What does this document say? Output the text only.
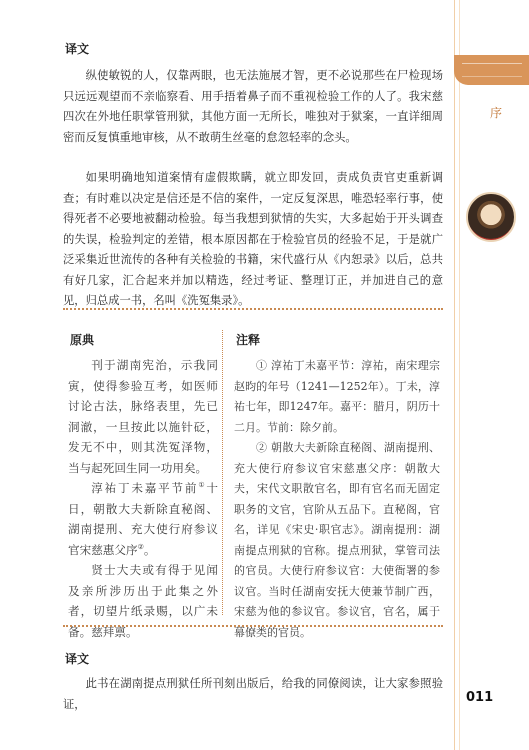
序
011
译文

纵使敏锐的人，仅靠两眼，也无法施展才智，更不必说那些在尸检现场只远远观望而不亲临察看、用手捂着鼻子而不重视检验工作的人了。我宋慈四次在外地任职掌管刑狱，其他方面一无所长，唯独对于狱案，一直详细周密而反复慎重地审核，从不敢萌生丝毫的怠忽轻率的念头。

如果明确地知道案情有虚假欺瞒，就立即发回，责成负责官吏重新调查；有时难以决定是信还是不信的案件，一定反复深思，唯恐轻率行事，使得死者不必要地被翻动检验。每当我想到狱情的失实，大多起始于开头调查的失误，检验判定的差错，根本原因都在于检验官员的经验不足，于是就广泛采集近世流传的各种有关检验的书籍，宋代盛行从《内恕录》以后，总共有好几家，汇合起来并加以精选，经过考证、整理订正，并加进自己的意见，归总成一书，名叫《洗冤集录》。

原典

刊于湖南宪治，示我同寅，使得参验互考，如医师讨论古法，脉络表里，先已洞澈，一旦按此以施针砭，发无不中，则其洗冤泽物，当与起死回生同一功用矣。

淳祐丁未嘉平节前①十日，朝散大夫新除直秘阁、湖南提刑、充大使行府参议官宋慈惠父序②。

贤士大夫或有得于见闻及亲所涉历出于此集之外者，切望片纸录赐，以广未备。慈拜禀。

注释

① 淳祐丁未嘉平节：淳祐，南宋理宗赵昀的年号（1241—1252年）。丁未，淳祐七年，即1247年。嘉平：腊月，阴历十二月。节前：除夕前。

② 朝散大夫新除直秘阁、湖南提刑、充大使行府参议官宋慈惠父序：朝散大夫，宋代文职散官名，即有官名而无固定职务的文官，官阶从五品下。直秘阁，官名，详见《宋史·职官志》。湖南提刑：湖南提点刑狱的官称。提点刑狱，掌管司法的官员。大使行府参议官：大使衙署的参议官。当时任湖南安抚大使兼节制广西，宋慈为他的参议官。参议官，官名，属于幕僚类的官员。

译文

此书在湖南提点刑狱任所刊刻出版后，给我的同僚阅读，让大家参照验证，
